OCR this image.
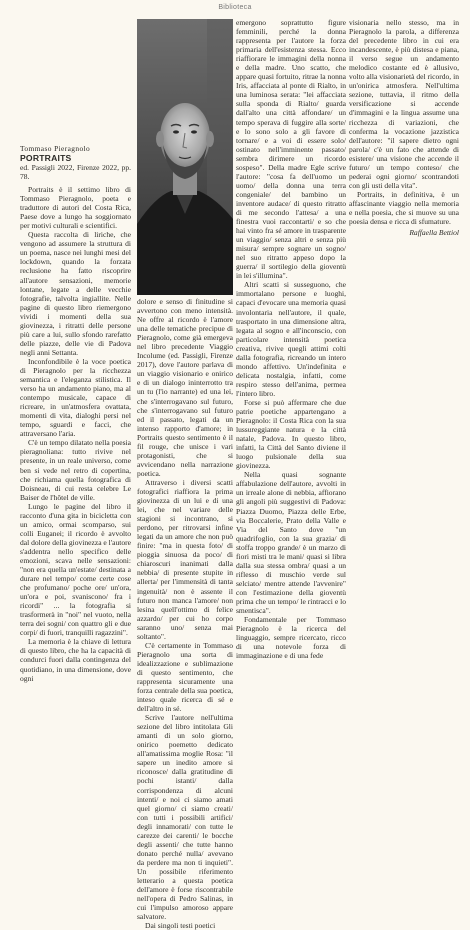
Biblioteca
Tommaso Pieragnolo
PORTRAITS
ed. Passigli 2022, Firenze 2022, pp. 78.

Portraits è il settimo libro di Tommaso Pieragnolo, poeta e traduttore di autori del Costa Rica, Paese dove a lungo ha soggiornato per motivi culturali e scientifici.

Questa raccolta di liriche, che vengono ad assumere la struttura di un poema, nasce nei lunghi mesi del lockdown, quando la forzata reclusione ha fatto riscoprire all'autore sensazioni, memorie lontane, legate a delle vecchie fotografie, talvolta ingiallite. Nelle pagine di questo libro riemergono vividi i momenti della sua giovinezza, i ritratti delle persone più care a lui, sullo sfondo rarefatto delle piazze, delle vie di Padova negli anni Settanta.

Inconfondibile è la voce poetica di Pieragnolo per la ricchezza semantica e l'eleganza stilistica. Il verso ha un andamento piano, ma al contempo musicale, capace di ricreare, in un'atmosfera ovattata, momenti di vita, dialoghi persi nel tempo, sguardi e facci, che attraversano l'aria.

C'è un tempo dilatato nella poesia pieragnoliana: tutto rivive nel presente, in un reale universo, come ben si vede nel retro di copertina, che richiama quella fotografica di Doisneau, di cui resta celebre Le Baiser de l'hôtel de ville.

Lungo le pagine del libro il racconto d'una gita in bicicletta con un amico, ormai scomparso, sui colli Euganei; il ricordo è avvolto dal dolore della giovinezza e l'autore s'addentra nello specifico delle emozioni, scava nelle sensazioni: "non era quella un'estate/ destinata a durare nel tempo/ come certe cose che profumano/ poche ore/ un'ora, un'ora e poi, svaniscono/ fra i ricordi" ... la fotografia si trasformerà in "noi" nel vuoto, nella terra dei sogni/ con quattro gli e due corpi/ di fuori, tranquilli ragazzini".

La memoria è la chiave di lettura di questo libro, che ha la capacità di condurci fuori dalla contingenza del quotidiano, in una dimensione, dove ogni

dolore e senso di finitudine si avvertono con meno intensità. Ne offre al ricordo è l'amore una delle tematiche precipue di Pieragnolo, come già emergeva nel libro precedente Viaggio Incolume (ed. Passigli, Firenze 2017), dove l'autore parlava di un viaggio visionario e onirico e di un dialogo ininterrotto tra un tu (l'io narrante) ed una lei, che s'interrogavano sul futuro, che s'interrogavano sul futuro ed il passato, legati da un intenso rapporto d'amore; in Portraits questo sentimento è il fil rouge, che unisce i vari protagonisti, che si avvicendano nella narrazione poetica.

Attraverso i diversi scatti fotografici riaffiora la prima giovinezza di un lui e di una lei, che nel variare delle stagioni si incontrano, si perdono, per ritrovarsi infine legati da un amore che non può finire: "ma in questa foto/ di pioggia sinuosa da poco/ di chiaroscuri inanimati dalla nebbia/ di presente stupite in allerta/ per l'immensità di tanta ingenuità/ non è assente il futuro non manca l'amore/ non lesina quell'ottimo di felice azzardo/ per cui ho corpo saranno uno/ senza mai soltanto".

C'è certamente in Tommaso Pieragnolo una sorta di idealizzazione e sublimazione di questo sentimento, che rappresenta sicuramente una forza centrale della sua poetica, inteso quale ricerca di sé e dell'altro in sé.

Scrive l'autore nell'ultima sezione del libro intitolata Gli amanti di un solo giorno, onirico poemetto dedicato all'amatissima moglie Rosa: "il sapere un inedito amore si riconosce/ dalla gratitudine di pochi istanti/ dalla corrispondenza di alcuni intenti/ e noi ci siamo amati quel giorno/ ci siamo creati/ con tutti i possibili artifici/ degli innamorati/ con tutte le carezze dei carenti/ le bocche degli assenti/ che tutte hanno donato perché nulla/ avevano da perdere ma non ti inquieti". Un possibile riferimento letterario a questa poetica dell'amore è forse riscontrabile nell'opera di Pedro Salinas, in cui l'impulso amoroso appare salvatore.

Dai singoli testi poetici

emergono soprattutto figure femminili, perché la donna rappresenta per l'autore la forza primaria dell'esistenza stessa. Ecco riaffiorare le immagini della nonna e della madre. Uno scatto, che appare quasi fortuito, ritrae la nonna Iris, affacciata al ponte di Rialto, in una luminosa serata: "lei affacciata sulla sponda di Rialto/ guarda dall'alto una città affondare/ un tempo sperava di fuggire alla sorte/ e lo sono solo a gli favore di tornare/ e a voi di essere solo/ ostinato nell'imminente passato/ sembra dirimere un ricordo sospeso". Della madre Egle scrive l'autore: "cosa fa dell'uomo un uomo/ della donna una terra congeniale/ del bambino un inventore audace/ di questo ritratto di me secondo l'attesa/ a una finestra vuoi raccontarti/ e so che hai vinto fra sé amore in trasparente un viaggio/ senza altri e senza più misura/ sempre sognare un sogno/ nel suo ritratto appeso dopo la guerra/ il sortilegio della gioventù in lei s'illumina".

Altri scatti si susseguono, che immortalano persone e luoghi, capaci d'evocare una memoria quasi involontaria nell'autore, il quale, trasportato in una dimensione altra, legata al sogno e all'inconscio, con particolare intensità poetica creativa, rivive quegli attimi colti dalla fotografia, ricreando un intero mondo affettivo. Un'indefinita e delicata nostalgia, infatti, come respiro stesso dell'anima, permea l'intero libro.

Forse si può affermare che due patrie poetiche appartengano a Pieragnolo: il Costa Rica con la sua lussureggiante natura e la città natale, Padova. In questo libro, infatti, la Città del Santo diviene il luogo pulsionale della sua giovinezza.

Nella quasi sognante affabulazione dell'autore, avvolti in un irreale alone di nebbia, affiorano gli angoli più suggestivi di Padova: Piazza Duomo, Piazza delle Erbe, via Boccalerie, Prato della Valle e Via del Santo dove "un quadrifoglio, con la sua grazia/ di stoffa troppo grande/ è un marzo di fiori misti tra le mani/ quasi si libra dalla sua stessa ombra/ quasi a un riflesso di muschio verde sul selciato/ mentre attende l'avvenire" con l'estimazione della gioventù prima che un tempo/ le rintracci e lo smentisca".

Fondamentale per Tommaso Pieragnolo è la ricerca del linguaggio, sempre ricercato, ricco di una notevole forza di immaginazione e di una fede

visionaria nello stesso, ma in Pieragnolo la parola, a differenza del precedente libro in cui era incandescente, è più distesa e piana, il verso segue un andamento melodico costante ed è allusivo, volto alla visionarietà del ricordo, in un'onirica atmosfera. Nell'ultima sezione, tuttavia, il ritmo della versificazione si accende d'immagini e la lingua assume una ricchezza di variazioni, che conferma la vocazione jazzistica dell'autore: "il sapere dietro ogni parola/ c'è un fato che attende di esistere/ una visione che accende il futuro/ un tempo conteso/ che pederai ogni giorno/ scontrandoti con gli usti della vita".

Portraits, in definitiva, è un affascinante viaggio nella memoria e nella poesia, che si muove su una poesia densa e ricca di sfumature.

Raffaella Bettiol
